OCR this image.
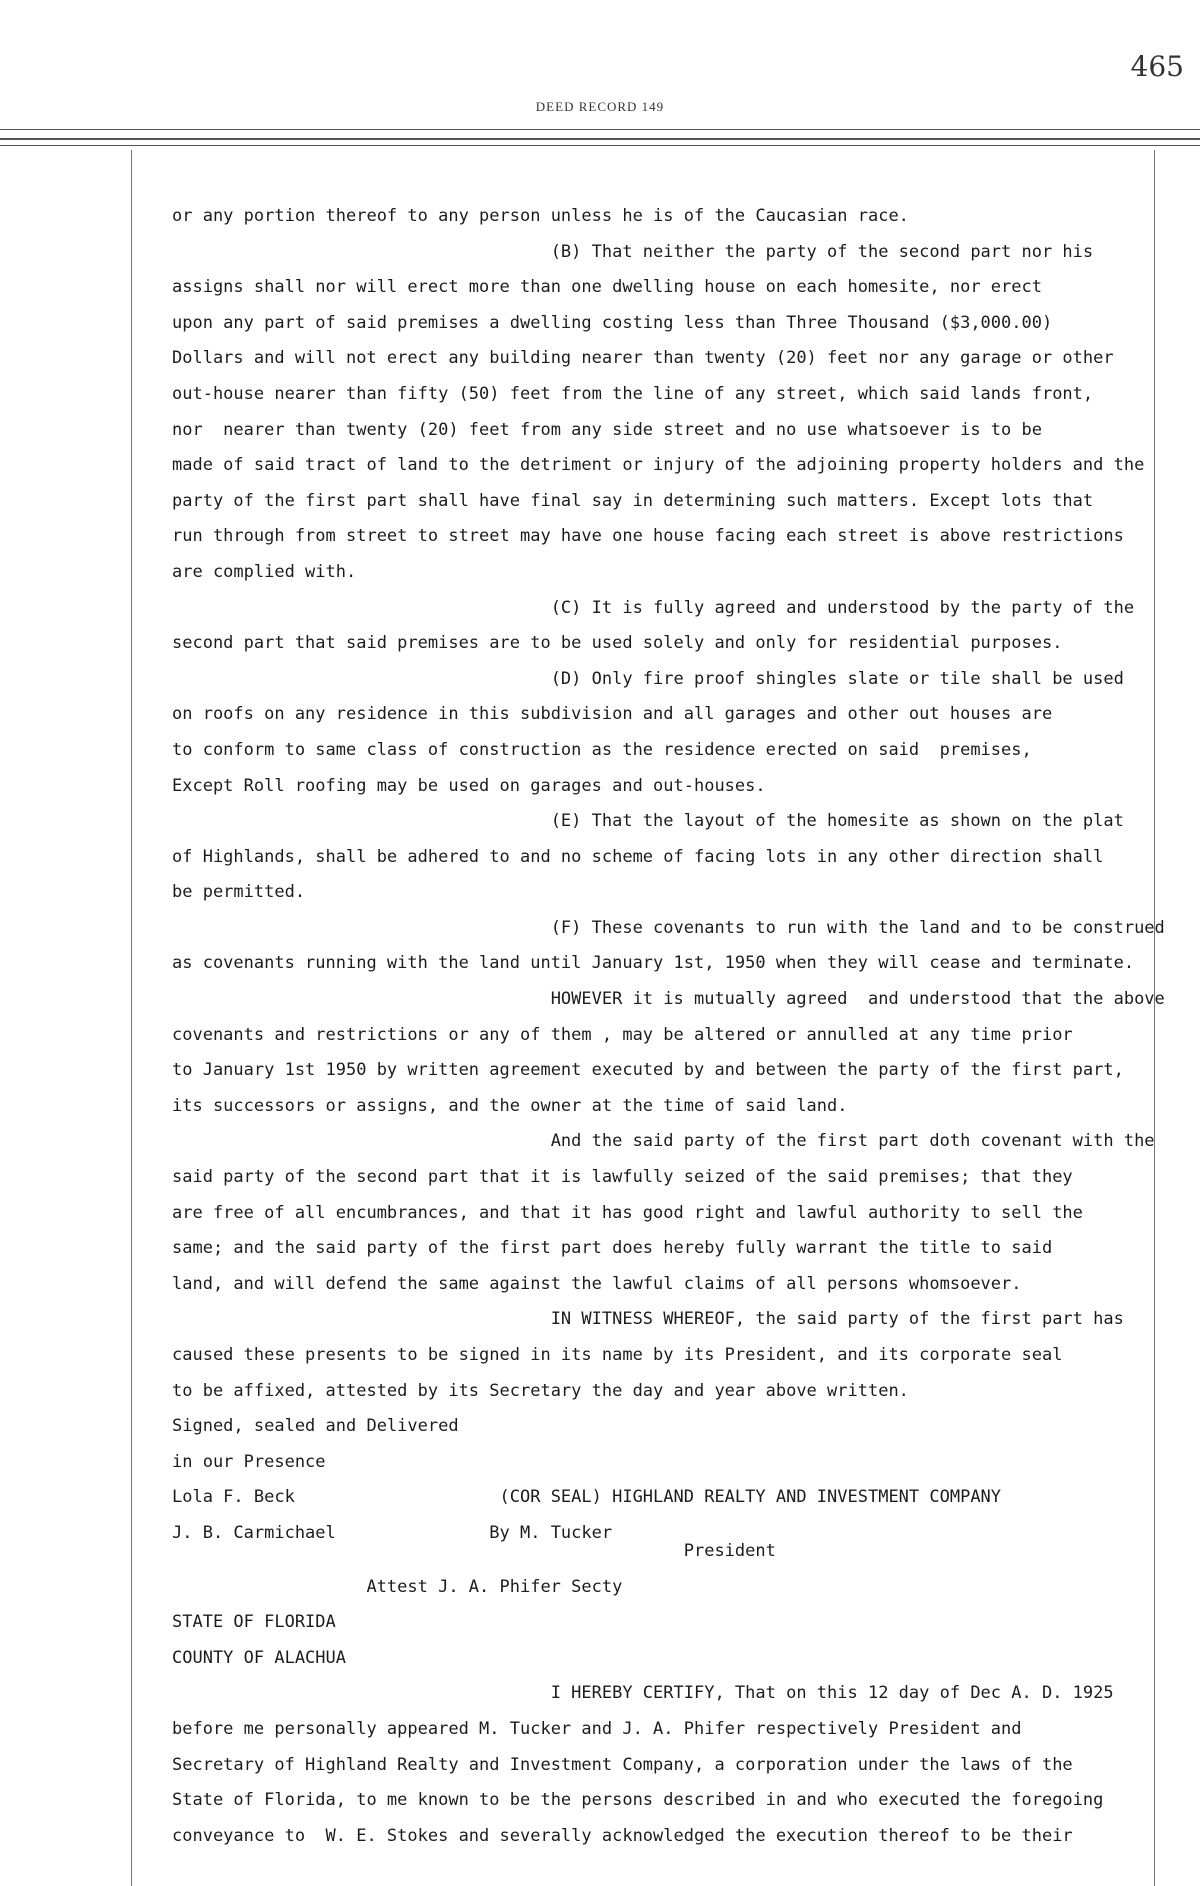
465
DEED RECORD 149
or any portion thereof to any person unless he is of the Caucasian race.
(B) That neither the party of the second part nor his
assigns shall nor will erect more than one dwelling house on each homesite, nor erect
upon any part of said premises a dwelling costing less than Three Thousand ($3,000.00)
Dollars and will not erect any building nearer than twenty (20) feet nor any garage or other
out-house nearer than fifty (50) feet from the line of any street, which said lands front,
nor  nearer than twenty (20) feet from any side street and no use whatsoever is to be
made of said tract of land to the detriment or injury of the adjoining property holders and the
party of the first part shall have final say in determining such matters. Except lots that
run through from street to street may have one house facing each street is above restrictions
are complied with.
(C) It is fully agreed and understood by the party of the
second part that said premises are to be used solely and only for residential purposes.
(D) Only fire proof shingles slate or tile shall be used
on roofs on any residence in this subdivision and all garages and other out houses are
to conform to same class of construction as the residence erected on said  premises,
Except Roll roofing may be used on garages and out-houses.
(E) That the layout of the homesite as shown on the plat
of Highlands, shall be adhered to and no scheme of facing lots in any other direction shall
be permitted.
(F) These covenants to run with the land and to be construed
as covenants running with the land until January 1st, 1950 when they will cease and terminate.
HOWEVER it is mutually agreed  and understood that the above
covenants and restrictions or any of them , may be altered or annulled at any time prior
to January 1st 1950 by written agreement executed by and between the party of the first part,
its successors or assigns, and the owner at the time of said land.
And the said party of the first part doth covenant with the
said party of the second part that it is lawfully seized of the said premises; that they
are free of all encumbrances, and that it has good right and lawful authority to sell the
same; and the said party of the first part does hereby fully warrant the title to said
land, and will defend the same against the lawful claims of all persons whomsoever.
IN WITNESS WHEREOF, the said party of the first part has
caused these presents to be signed in its name by its President, and its corporate seal
to be affixed, attested by its Secretary the day and year above written.
Signed, sealed and Delivered
in our Presence
Lola F. Beck                    (COR SEAL) HIGHLAND REALTY AND INVESTMENT COMPANY
J. B. Carmichael               By M. Tucker
President
Attest J. A. Phifer Secty
STATE OF FLORIDA
COUNTY OF ALACHUA
I HEREBY CERTIFY, That on this 12 day of Dec A. D. 1925
before me personally appeared M. Tucker and J. A. Phifer respectively President and
Secretary of Highland Realty and Investment Company, a corporation under the laws of the
State of Florida, to me known to be the persons described in and who executed the foregoing
conveyance to  W. E. Stokes and severally acknowledged the execution thereof to be their
